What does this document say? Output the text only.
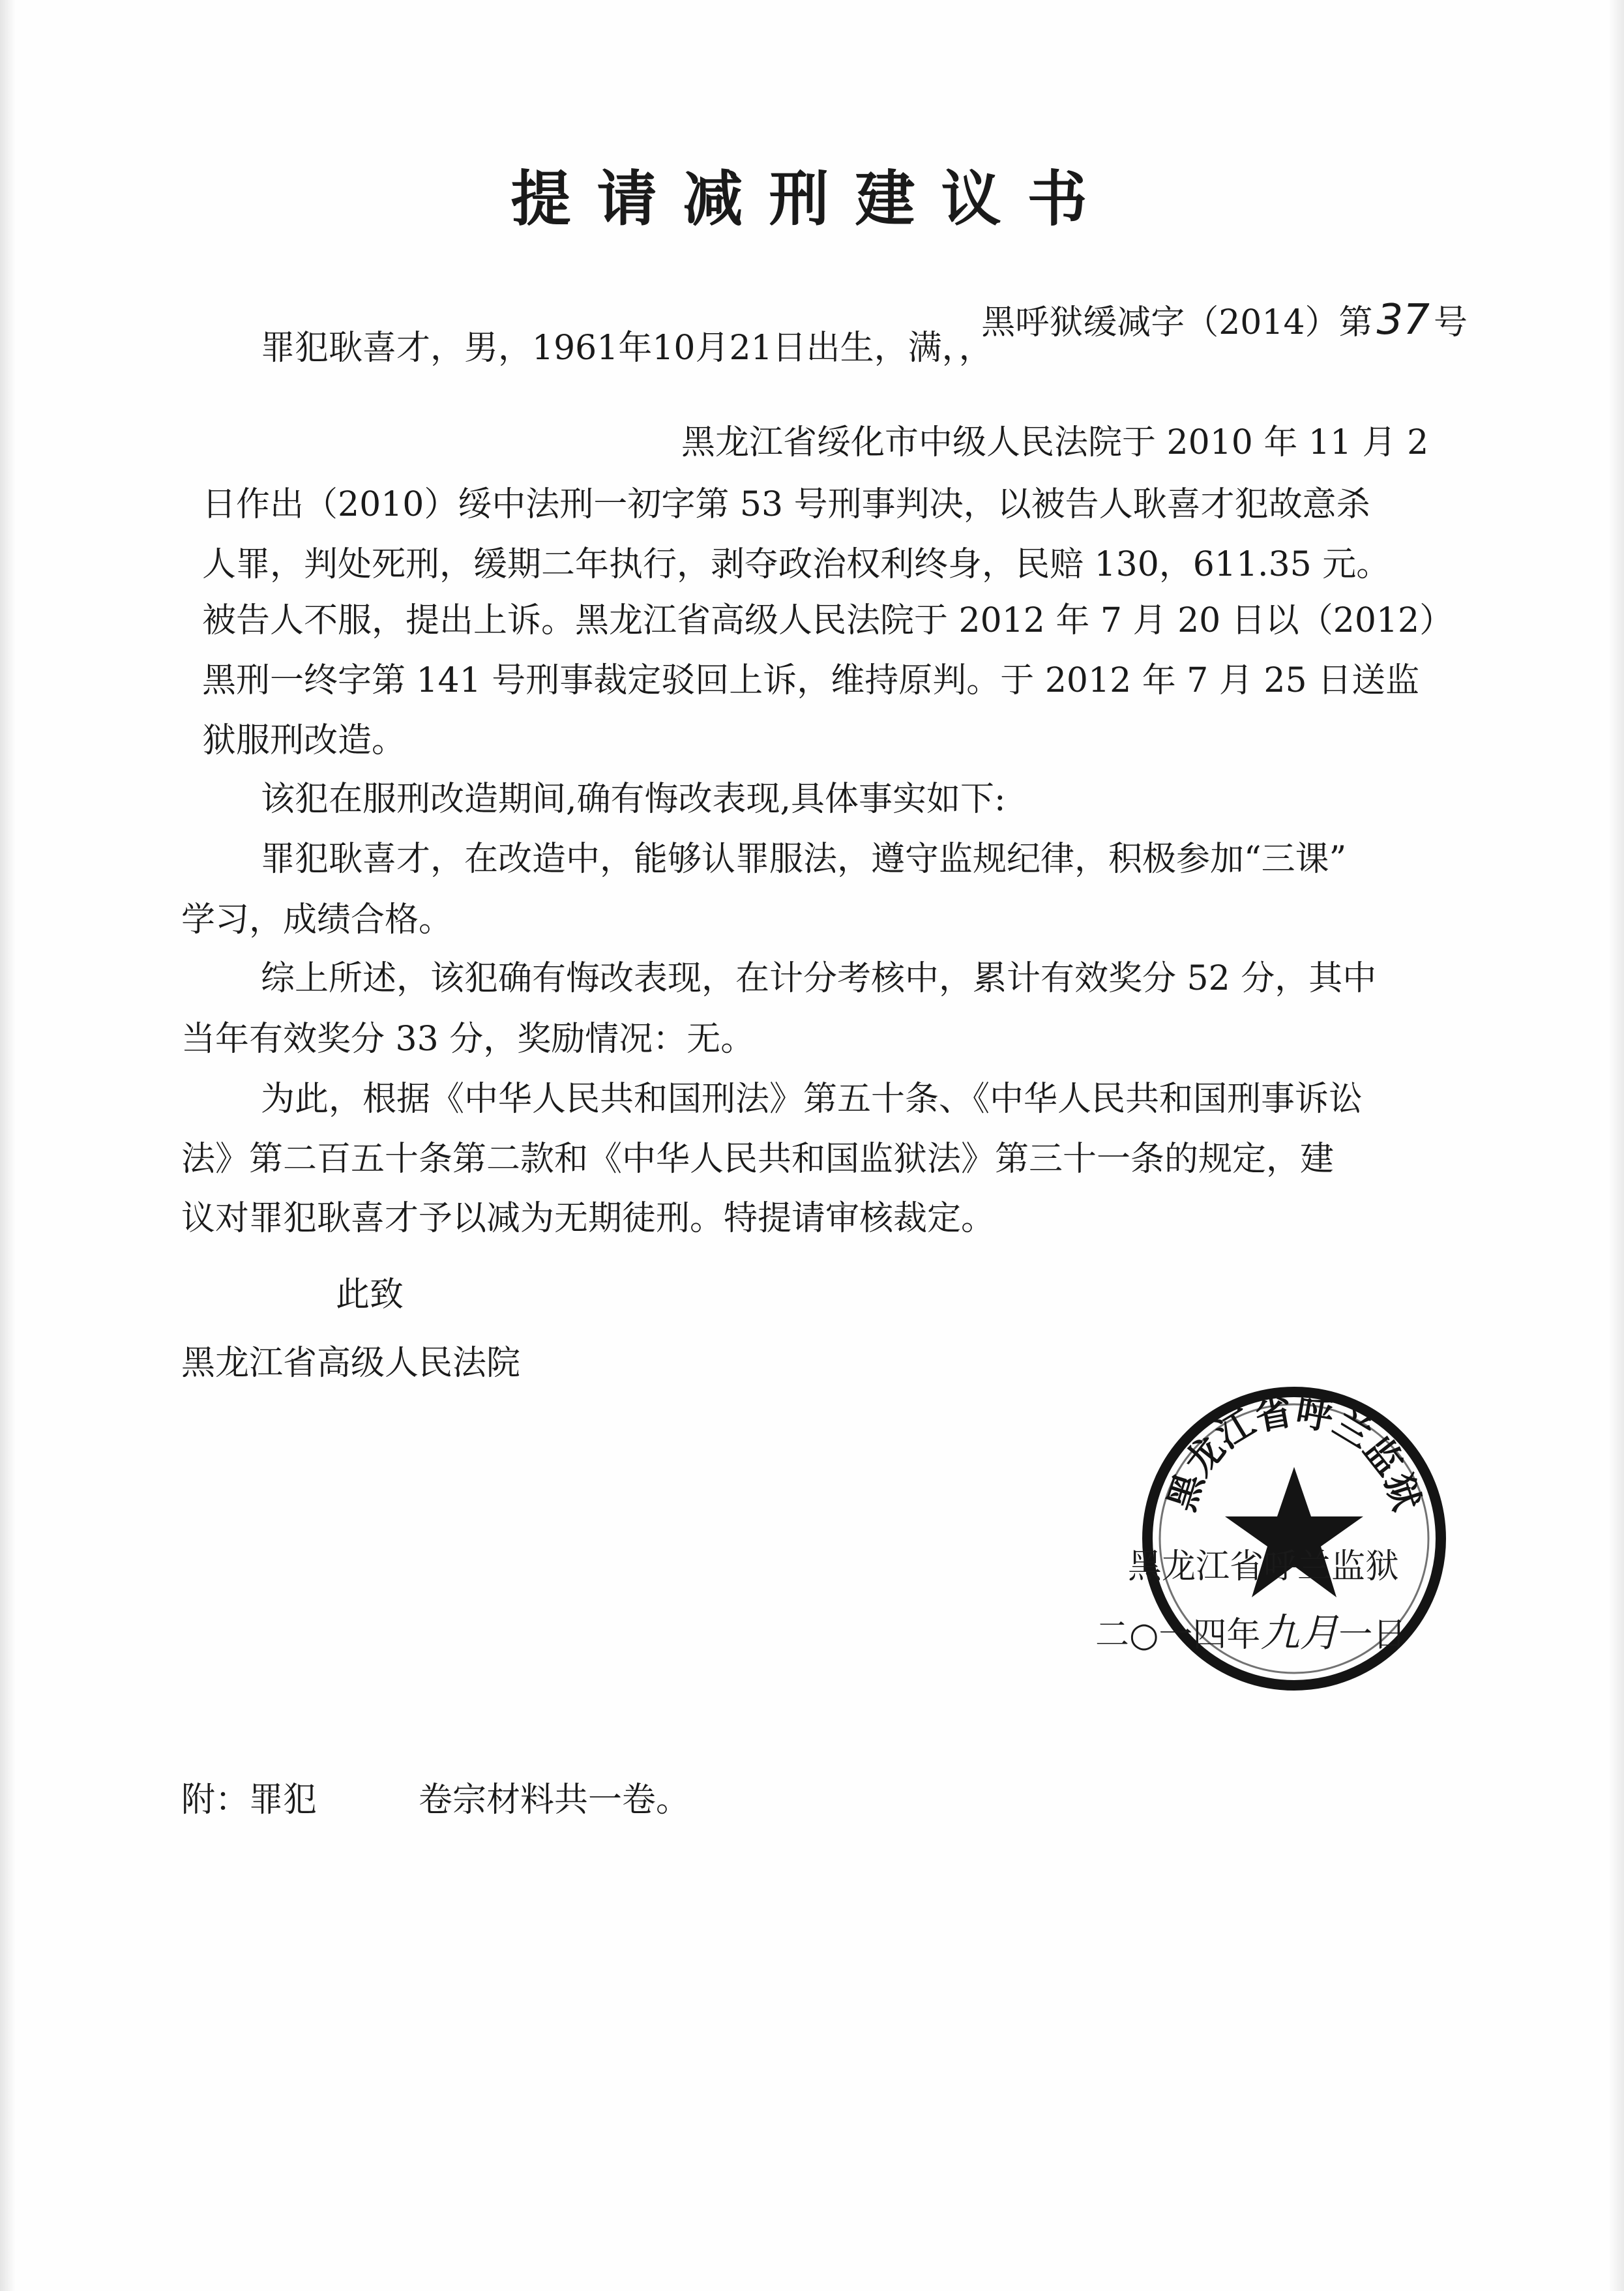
提请减刑建议书
黑呼狱缓减字（2014）第37 号
罪犯耿喜才，男，1961年10月21日出生，满，，
黑龙江省绥化市中级人民法院于 2010 年 11 月 2
日作出（2010）绥中法刑一初字第 53 号刑事判决，以被告人耿喜才犯故意杀
人罪，判处死刑，缓期二年执行，剥夺政治权利终身，民赔 130，611.35 元。
被告人不服，提出上诉。黑龙江省高级人民法院于 2012 年 7 月 20 日以（2012）
黑刑一终字第 141 号刑事裁定驳回上诉，维持原判。于 2012 年 7 月 25 日送监
狱服刑改造。
该犯在服刑改造期间,确有悔改表现,具体事实如下:
罪犯耿喜才，在改造中，能够认罪服法，遵守监规纪律，积极参加“三课”
学习，成绩合格。
综上所述，该犯确有悔改表现，在计分考核中，累计有效奖分 52 分，其中
当年有效奖分 33 分，奖励情况：无。
为此，根据《中华人民共和国刑法》第五十条、《中华人民共和国刑事诉讼
法》第二百五十条第二款和《中华人民共和国监狱法》第三十一条的规定，建
议对罪犯耿喜才予以减为无期徒刑。特提请审核裁定。
此致
黑龙江省高级人民法院
黑龙江省呼兰监狱
黑龙江省呼兰监狱
二○一四年九月一日
附：罪犯　　　卷宗材料共一卷。
